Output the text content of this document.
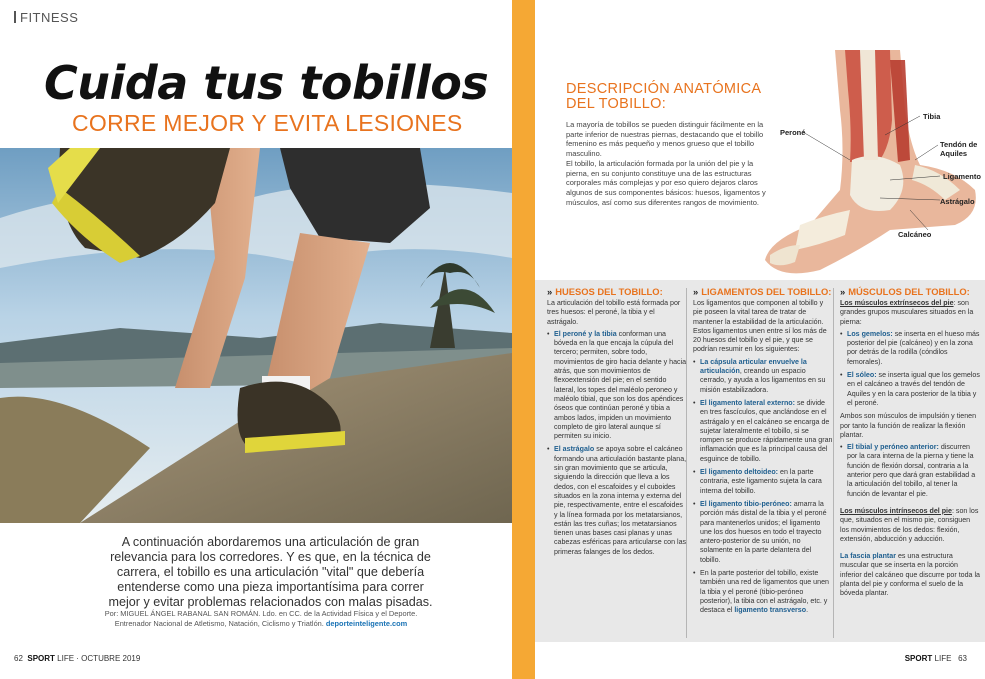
FITNESS
Cuida tus tobillos
CORRE MEJOR Y EVITA LESIONES
A continuación abordaremos una articulación de gran relevancia para los corredores. Y es que, en la técnica de carrera, el tobillo es una articulación "vital" que debería entenderse como una pieza importantísima para correr mejor y evitar problemas relacionados con malas pisadas.
Por: MIGUEL ÁNGEL RABANAL SAN ROMÁN. Ldo. en CC. de la Actividad Física y el Deporte. Entrenador Nacional de Atletismo, Natación, Ciclismo y Triatlón. deporteinteligente.com
62 SPORT LIFE · OCTUBRE 2019
DESCRIPCIÓN ANATÓMICA
DEL TOBILLO:

La mayoría de tobillos se pueden distinguir fácilmente en la parte inferior de nuestras piernas, destacando que el tobillo femenino es más pequeño y menos grueso que el tobillo masculino.

El tobillo, la articulación formada por la unión del pie y la pierna, en su conjunto constituye una de las estructuras corporales más complejas y por eso quiero dejaros claros algunos de sus componentes básicos: huesos, ligamentos y músculos, así como sus diferentes rangos de movimiento.

Peroné
Tibia
Tendón de
Aquiles
Ligamento
Astrágalo
Calcáneo
» HUESOS DEL TOBILLO:

La articulación del tobillo está formada por tres huesos: el peroné, la tibia y el astrágalo.

• El peroné y la tibia conforman una bóveda en la que encaja la cúpula del tercero; permiten, sobre todo, movimientos de giro hacia delante y hacia atrás, que son movimientos de flexoextensión del pie; en el sentido lateral, los topes del maléolo peroneo y maléolo tibial, que son los dos apéndices óseos que continúan peroné y tibia a ambos lados, impiden un movimiento completo de giro lateral aunque sí permiten su inicio.
• El astrágalo se apoya sobre el calcáneo formando una articulación bastante plana, sin gran movimiento que se articula, siguiendo la dirección que lleva a los dedos, con el escafoides y el cuboides situados en la zona interna y externa del pie, respectivamente, entre el escafoides y la línea formada por los metatarsianos, están las tres cuñas; los metatarsianos tienen unas bases casi planas y unas cabezas esféricas para articularse con las primeras falanges de los dedos.
» LIGAMENTOS DEL TOBILLO:

Los ligamentos que componen al tobillo y pie poseen la vital tarea de tratar de mantener la estabilidad de la articulación. Estos ligamentos unen entre sí los más de 20 huesos del tobillo y el pie, y que se podrían resumir en los siguientes:

• La cápsula articular envuelve la articulación, creando un espacio cerrado, y ayuda a los ligamentos en su misión estabilizadora.
• El ligamento lateral externo: se divide en tres fascículos, que anclándose en el astrágalo y en el calcáneo se encarga de sujetar lateralmente el tobillo, si se rompen se produce rápidamente una gran inflamación que es la principal causa del esguince de tobillo.
• El ligamento deltoideo: en la parte contraria, este ligamento sujeta la cara interna del tobillo.
• El ligamento tibio-peróneo: amarra la porción más distal de la tibia y el peroné para mantenerlos unidos; el ligamento une los dos huesos en todo el trayecto antero-posterior de su unión, no solamente en la parte delantera del tobillo.
• En la parte posterior del tobillo, existe también una red de ligamentos que unen la tibia y el peroné (tibio-peróneo posterior), la tibia con el astrágalo, etc. y destaca el ligamento transverso.
» MÚSCULOS DEL TOBILLO:

Los músculos extrínsecos del pie: son grandes grupos musculares situados en la pierna:

• Los gemelos: se inserta en el hueso más posterior del pie (calcáneo) y en la zona por detrás de la rodilla (cóndilos femorales).
• El sóleo: se inserta igual que los gemelos en el calcáneo a través del tendón de Aquiles y en la cara posterior de la tibia y el peroné.

Ambos son músculos de impulsión y tienen por tanto la función de realizar la flexión plantar.

• El tibial y peróneo anterior: discurren por la cara interna de la pierna y tiene la función de flexión dorsal, contraria a la anterior pero que dará gran estabilidad a la articulación del tobillo, al tener la función de levantar el pie.

Los músculos intrínsecos del pie: son los que, situados en el mismo pie, consiguen los movimientos de los dedos: flexión, extensión, abducción y aducción.

La fascia plantar es una estructura muscular que se inserta en la porción inferior del calcáneo que discurre por toda la planta del pie y conforma el suelo de la bóveda plantar.

SPORT LIFE 63
